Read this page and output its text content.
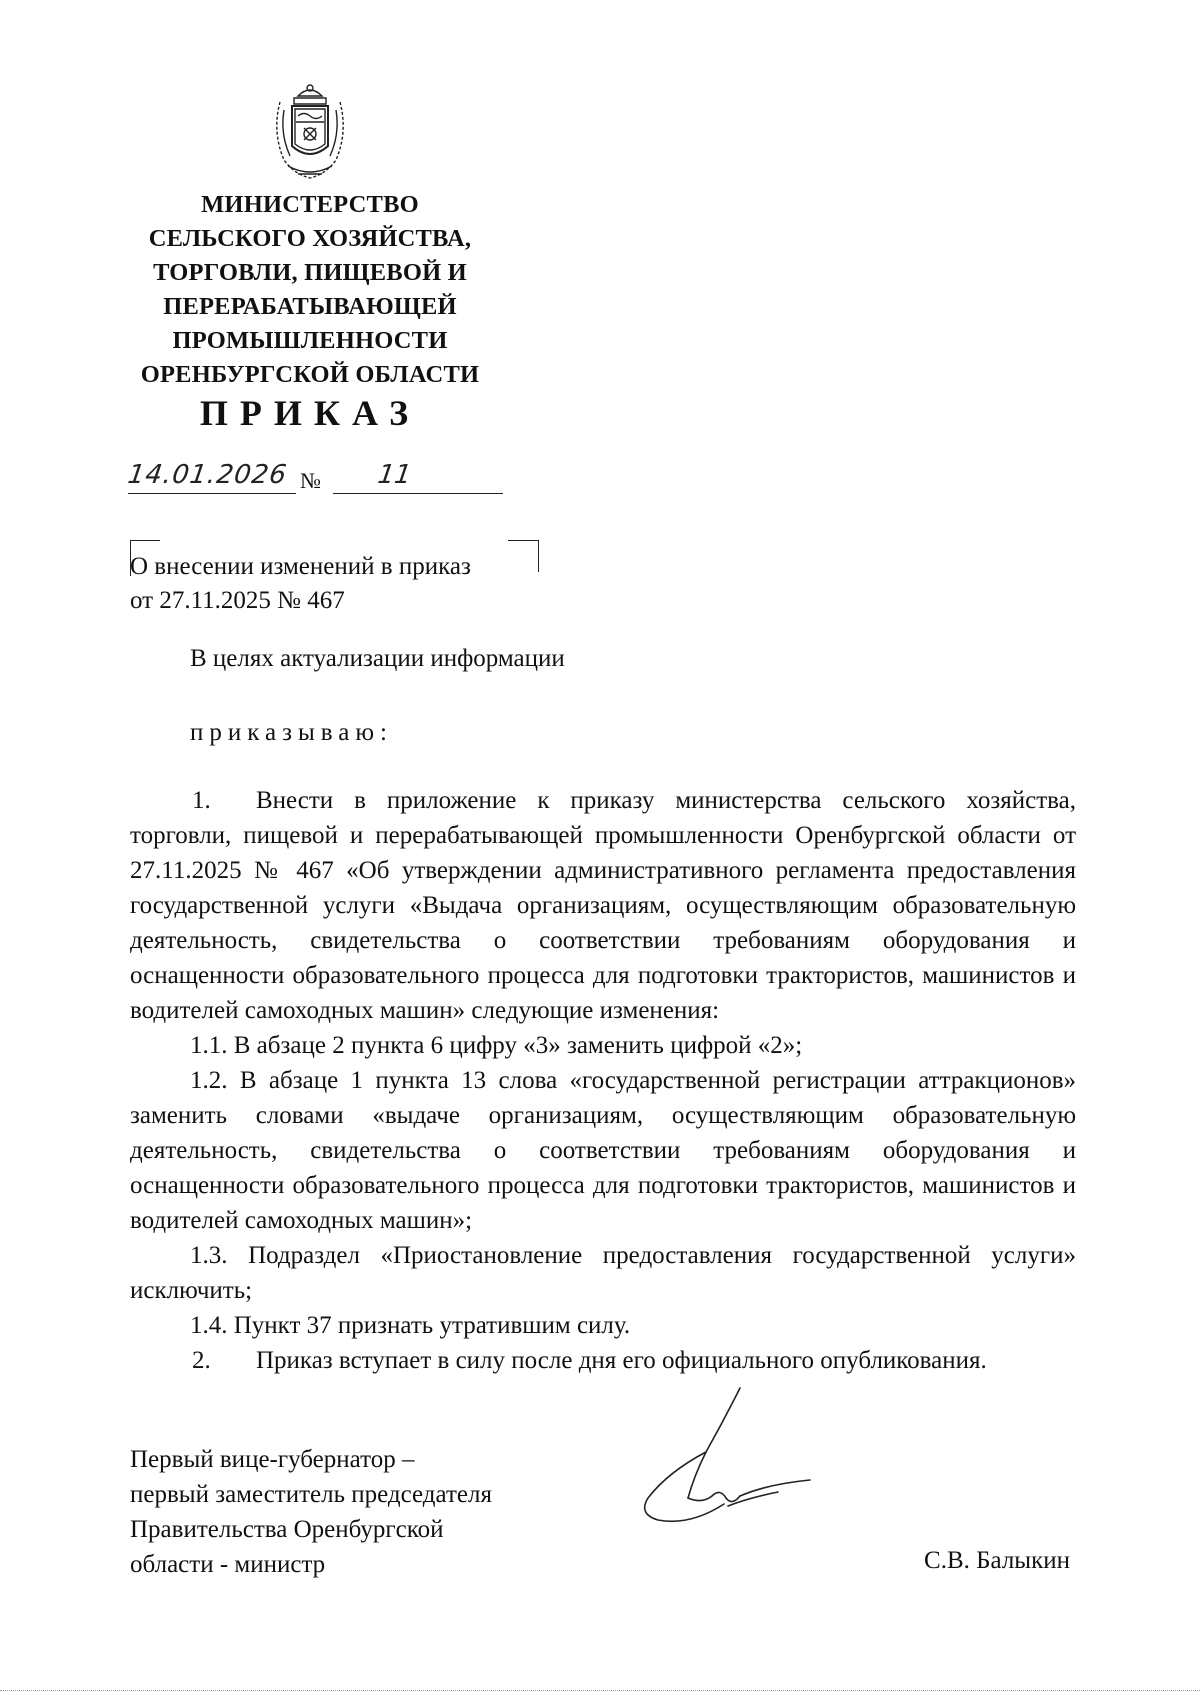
МИНИСТЕРСТВО
СЕЛЬСКОГО ХОЗЯЙСТВА,
ТОРГОВЛИ, ПИЩЕВОЙ И
ПЕРЕРАБАТЫВАЮЩЕЙ
ПРОМЫШЛЕННОСТИ
ОРЕНБУРГСКОЙ ОБЛАСТИ
ПРИКАЗ
14.01.2026 № 11
О внесении изменений в приказ
от 27.11.2025 № 467
В целях актуализации информации
приказываю:

1. Внести в приложение к приказу министерства сельского хозяйства, торговли, пищевой и перерабатывающей промышленности Оренбургской области от 27.11.2025 № 467 «Об утверждении административного регламента предоставления государственной услуги «Выдача организациям, осуществляющим образовательную деятельность, свидетельства о соответствии требованиям оборудования и оснащенности образовательного процесса для подготовки трактористов, машинистов и водителей самоходных машин» следующие изменения:

1.1. В абзаце 2 пункта 6 цифру «3» заменить цифрой «2»;

1.2. В абзаце 1 пункта 13 слова «государственной регистрации аттракционов» заменить словами «выдаче организациям, осуществляющим образовательную деятельность, свидетельства о соответствии требованиям оборудования и оснащенности образовательного процесса для подготовки трактористов, машинистов и водителей самоходных машин»;

1.3. Подраздел «Приостановление предоставления государственной услуги» исключить;

1.4. Пункт 37 признать утратившим силу.

2. Приказ вступает в силу после дня его официального опубликования.

Первый вице-губернатор –
первый заместитель председателя
Правительства Оренбургской
области - министр	С.В. Балыкин
